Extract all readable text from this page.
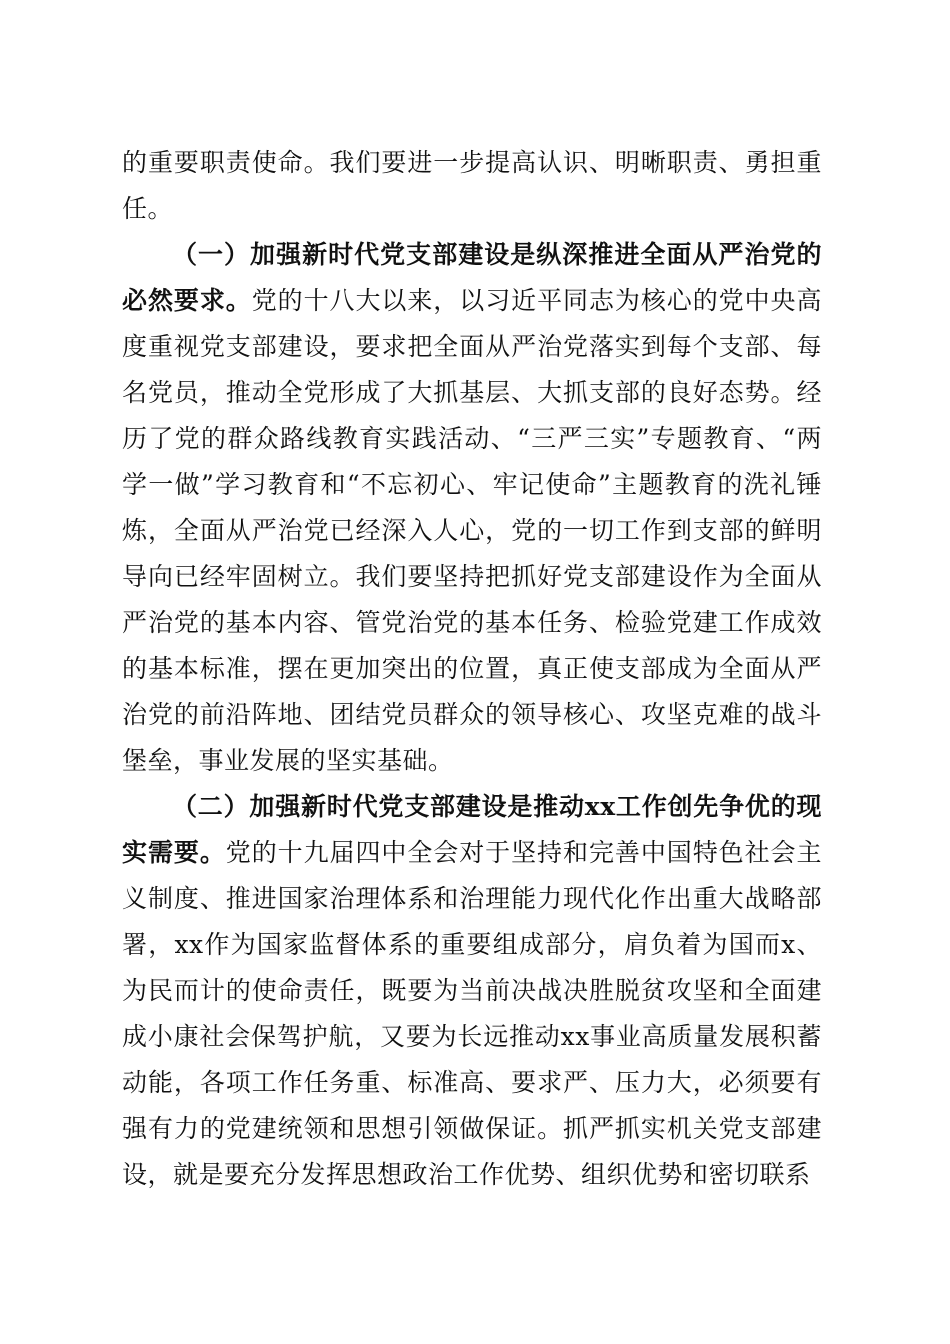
的重要职责使命。我们要进一步提高认识、明晰职责、勇担重任。

（一）加强新时代党支部建设是纵深推进全面从严治党的必然要求。党的十八大以来，以习近平同志为核心的党中央高度重视党支部建设，要求把全面从严治党落实到每个支部、每名党员，推动全党形成了大抓基层、大抓支部的良好态势。经历了党的群众路线教育实践活动、“三严三实”专题教育、“两学一做”学习教育和“不忘初心、牢记使命”主题教育的洗礼锤炼，全面从严治党已经深入人心，党的一切工作到支部的鲜明导向已经牢固树立。我们要坚持把抓好党支部建设作为全面从严治党的基本内容、管党治党的基本任务、检验党建工作成效的基本标准，摆在更加突出的位置，真正使支部成为全面从严治党的前沿阵地、团结党员群众的领导核心、攻坚克难的战斗堡垒，事业发展的坚实基础。

（二）加强新时代党支部建设是推动xx工作创先争优的现实需要。党的十九届四中全会对于坚持和完善中国特色社会主义制度、推进国家治理体系和治理能力现代化作出重大战略部署，xx作为国家监督体系的重要组成部分，肩负着为国而x、为民而计的使命责任，既要为当前决战决胜脱贫攻坚和全面建成小康社会保驾护航，又要为长远推动xx事业高质量发展积蓄动能，各项工作任务重、标准高、要求严、压力大，必须要有强有力的党建统领和思想引领做保证。抓严抓实机关党支部建设，就是要充分发挥思想政治工作优势、组织优势和密切联系
